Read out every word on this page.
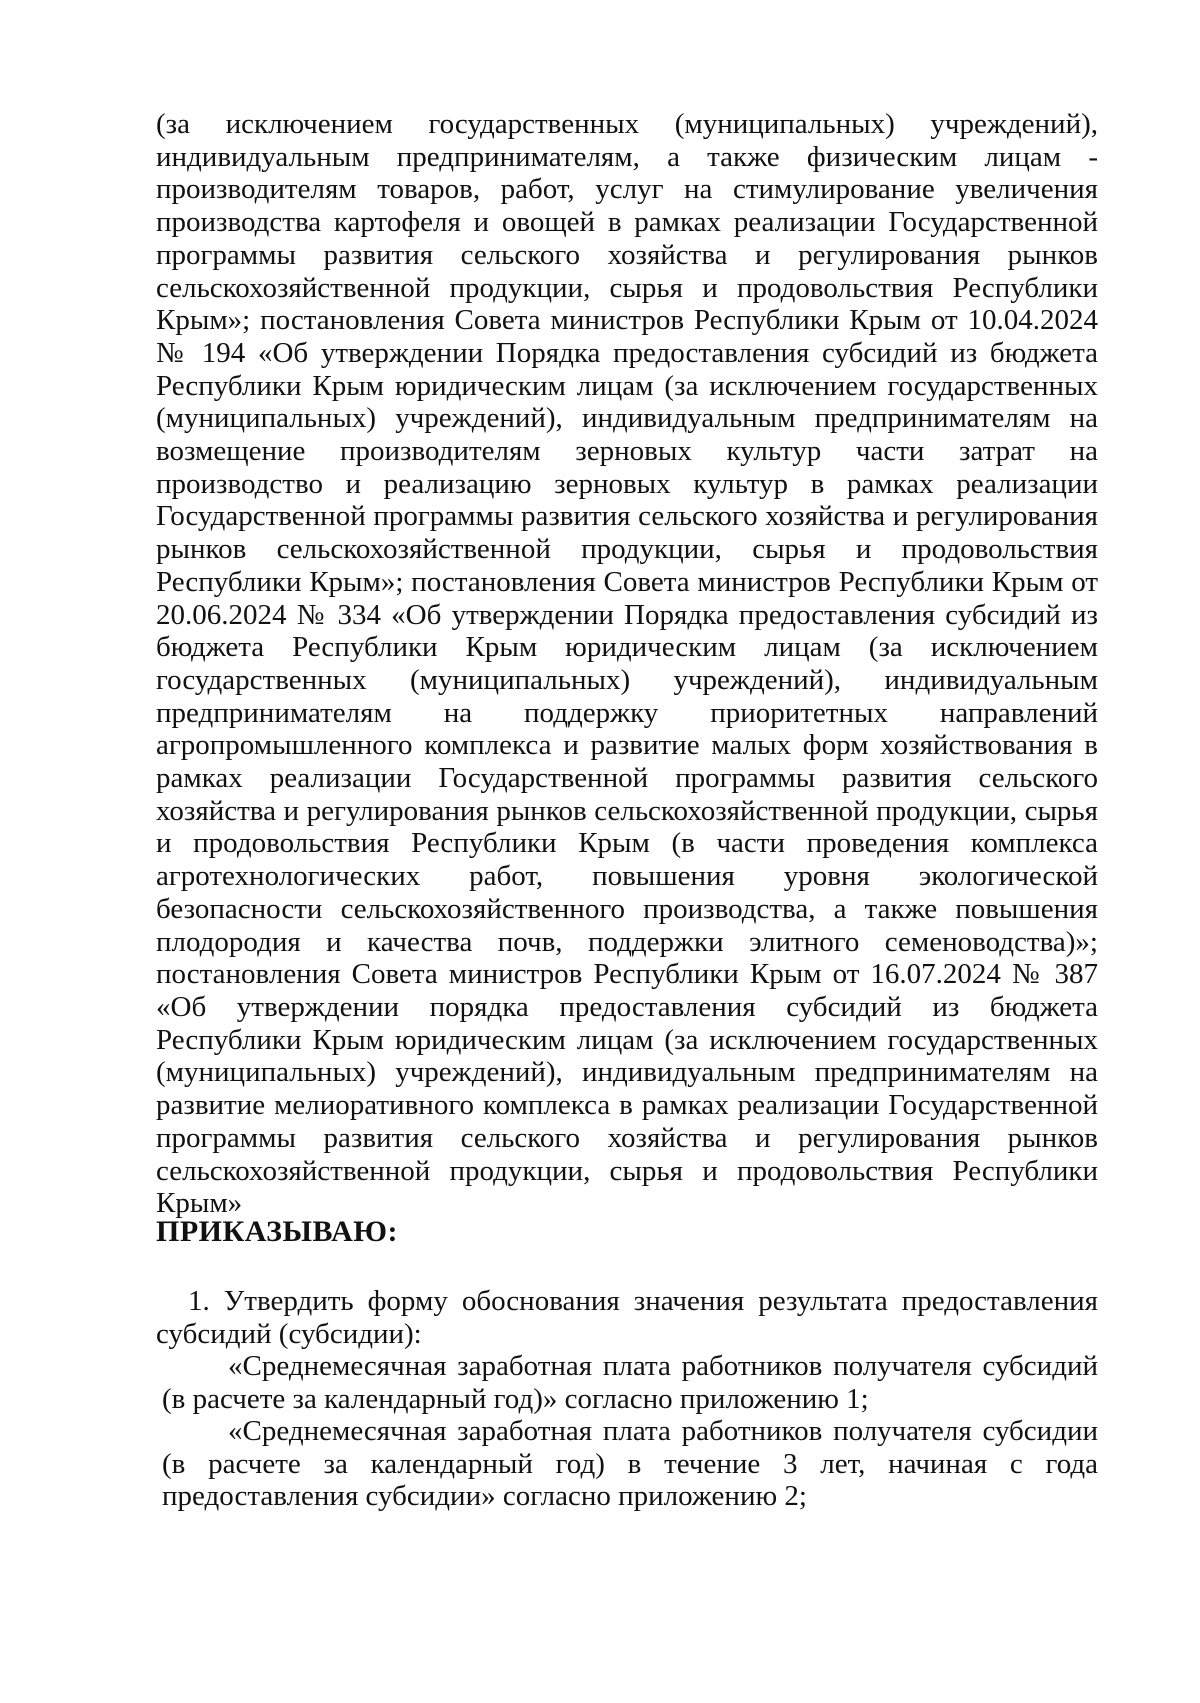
(за исключением государственных (муниципальных) учреждений), индивидуальным предпринимателям, а также физическим лицам - производителям товаров, работ, услуг на стимулирование увеличения производства картофеля и овощей в рамках реализации Государственной программы развития сельского хозяйства и регулирования рынков сельскохозяйственной продукции, сырья и продовольствия Республики Крым»; постановления Совета министров Республики Крым от 10.04.2024 № 194 «Об утверждении Порядка предоставления субсидий из бюджета Республики Крым юридическим лицам (за исключением государственных (муниципальных) учреждений), индивидуальным предпринимателям на возмещение производителям зерновых культур части затрат на производство и реализацию зерновых культур в рамках реализации Государственной программы развития сельского хозяйства и регулирования рынков сельскохозяйственной продукции, сырья и продовольствия Республики Крым»; постановления Совета министров Республики Крым от 20.06.2024 № 334 «Об утверждении Порядка предоставления субсидий из бюджета Республики Крым юридическим лицам (за исключением государственных (муниципальных) учреждений), индивидуальным предпринимателям на поддержку приоритетных направлений агропромышленного комплекса и развитие малых форм хозяйствования в рамках реализации Государственной программы развития сельского хозяйства и регулирования рынков сельскохозяйственной продукции, сырья и продовольствия Республики Крым (в части проведения комплекса агротехнологических работ, повышения уровня экологической безопасности сельскохозяйственного производства, а также повышения плодородия и качества почв, поддержки элитного семеноводства)»; постановления Совета министров Республики Крым от 16.07.2024 № 387 «Об утверждении порядка предоставления субсидий из бюджета Республики Крым юридическим лицам (за исключением государственных (муниципальных) учреждений), индивидуальным предпринимателям на развитие мелиоративного комплекса в рамках реализации Государственной программы развития сельского хозяйства и регулирования рынков сельскохозяйственной продукции, сырья и продовольствия Республики Крым»

ПРИКАЗЫВАЮ:

1. Утвердить форму обоснования значения результата предоставления субсидий (субсидии):

«Среднемесячная заработная плата работников получателя субсидий (в расчете за календарный год)» согласно приложению 1;

«Среднемесячная заработная плата работников получателя субсидии (в расчете за календарный год) в течение 3 лет, начиная с года предоставления субсидии» согласно приложению 2;
